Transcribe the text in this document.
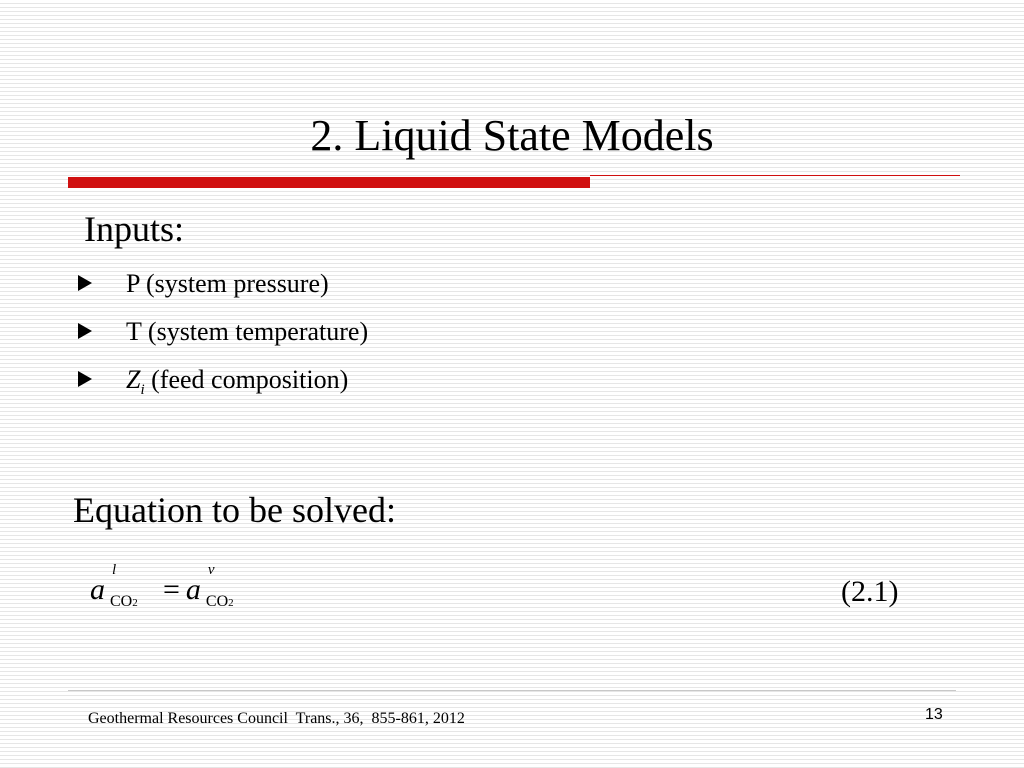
2. Liquid State Models
Inputs:
P (system pressure)
T (system temperature)
$Z_i$ (feed composition)
Equation to be solved:
a
l
CO2 = a
v
CO2	(2.1)
Geothermal Resources Council  Trans., 36,  855-861, 2012	13
